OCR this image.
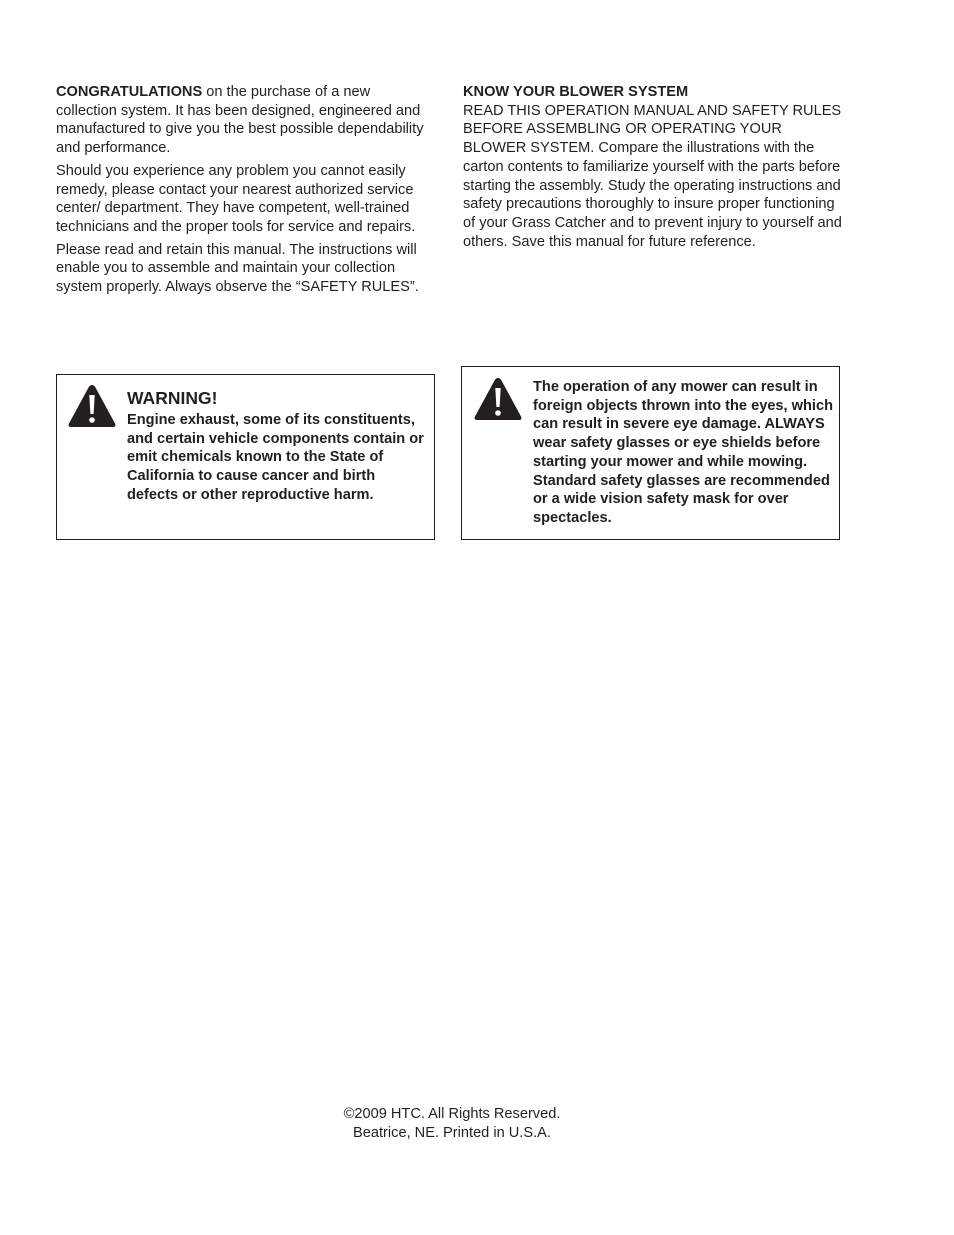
CONGRATULATIONS on the purchase of a new collection system. It has been designed, engineered and manufactured to give you the best possible dependability and performance.

Should you experience any problem you cannot easily remedy, please contact your nearest authorized service center/ department. They have competent, well-trained technicians and the proper tools for service and repairs.

Please read and retain this manual. The instructions will enable you to assemble and maintain your collection system properly. Always observe the “SAFETY RULES”.

KNOW YOUR BLOWER SYSTEM

READ THIS OPERATION MANUAL AND SAFETY RULES BEFORE ASSEMBLING OR OPERATING YOUR BLOWER SYSTEM. Compare the illustrations with the carton contents to familiarize yourself with the parts before starting the assembly. Study the operating instructions and safety precautions thoroughly to insure proper functioning of your Grass Catcher and to prevent injury to yourself and others. Save this manual for future reference.

WARNING!
Engine exhaust, some of its constituents, and certain vehicle components contain or emit chemicals known to the State of California to cause cancer and birth defects or other reproductive harm.
The operation of any mower can result in foreign objects thrown into the eyes, which can result in severe eye damage. ALWAYS wear safety glasses or eye shields before starting your mower and while mowing. Standard safety glasses are recommended or a wide vision safety mask for over spectacles.
©2009 HTC. All Rights Reserved.
Beatrice, NE. Printed in U.S.A.
